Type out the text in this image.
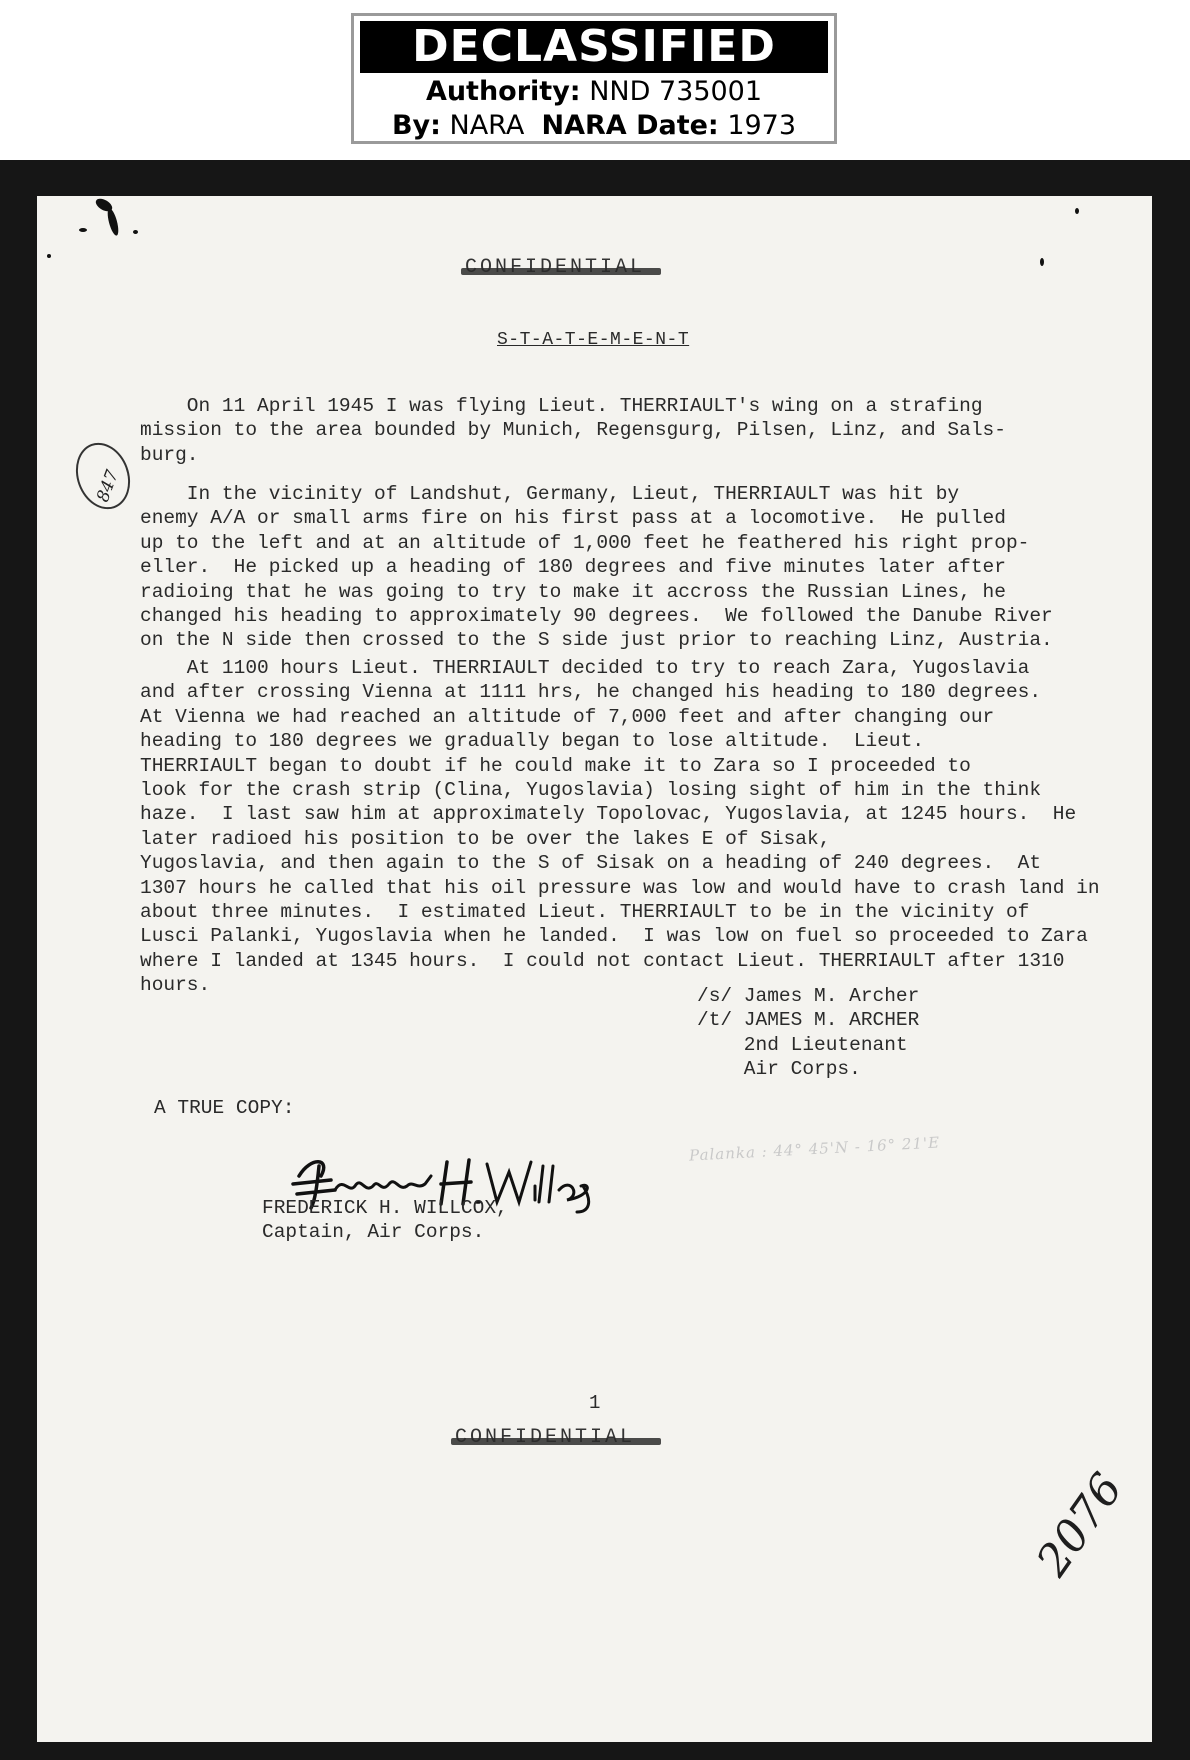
DECLASSIFIED
Authority: NND 735001
By: NARA NARA Date: 1973
S-T-A-T-E-M-E-N-T
847
On 11 April 1945 I was flying Lieut. THERRIAULT's wing on a strafing
mission to the area bounded by Munich, Regensgurg, Pilsen, Linz, and Sals-
burg.
In the vicinity of Landshut, Germany, Lieut, THERRIAULT was hit by
enemy A/A or small arms fire on his first pass at a locomotive.  He pulled
up to the left and at an altitude of 1,000 feet he feathered his right prop-
eller.  He picked up a heading of 180 degrees and five minutes later after
radioing that he was going to try to make it accross the Russian Lines, he
changed his heading to approximately 90 degrees.  We followed the Danube River
on the N side then crossed to the S side just prior to reaching Linz, Austria.
At 1100 hours Lieut. THERRIAULT decided to try to reach Zara, Yugoslavia
and after crossing Vienna at 1111 hrs, he changed his heading to 180 degrees.
At Vienna we had reached an altitude of 7,000 feet and after changing our
heading to 180 degrees we gradually began to lose altitude.  Lieut.
THERRIAULT began to doubt if he could make it to Zara so I proceeded to
look for the crash strip (Clina, Yugoslavia) losing sight of him in the think
haze.  I last saw him at approximately Topolovac, Yugoslavia, at 1245 hours.  He
later radioed his position to be over the lakes E of Sisak,
Yugoslavia, and then again to the S of Sisak on a heading of 240 degrees.  At
1307 hours he called that his oil pressure was low and would have to crash land in
about three minutes.  I estimated Lieut. THERRIAULT to be in the vicinity of
Lusci Palanki, Yugoslavia when he landed.  I was low on fuel so proceeded to Zara
where I landed at 1345 hours.  I could not contact Lieut. THERRIAULT after 1310
hours.	/s/ James M. Archer
/t/ JAMES M. ARCHER
2nd Lieutenant
Air Corps.
A TRUE COPY:
FREDERICK H. WILLCOX,
Captain, Air Corps.
Palanka : 44° 45'N - 16° 21'E
1
2076
